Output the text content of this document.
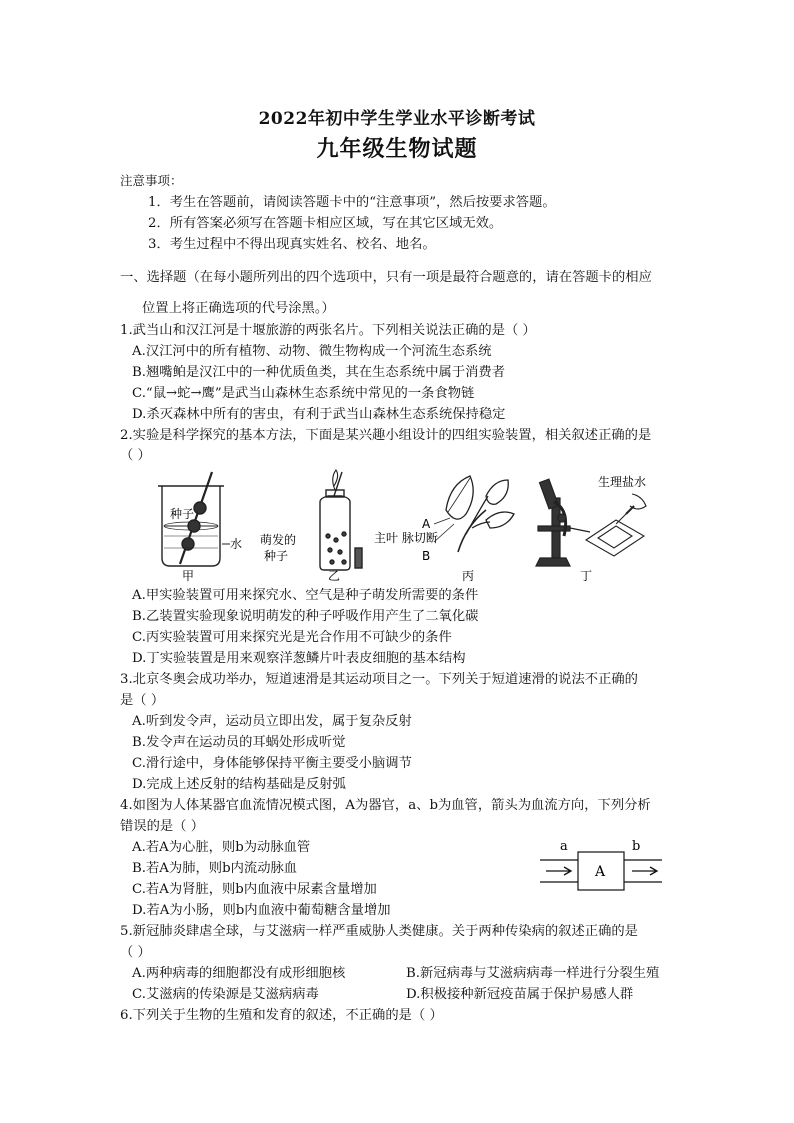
2022年初中学生学业水平诊断考试
九年级生物试题
注意事项：
1．考生在答题前，请阅读答题卡中的“注意事项”，然后按要求答题。
2．所有答案必须写在答题卡相应区域，写在其它区域无效。
3．考生过程中不得出现真实姓名、校名、地名。
一、选择题（在每小题所列出的四个选项中，只有一项是最符合题意的，请在答题卡的相应
位置上将正确选项的代号涂黑。）
1.武当山和汉江河是十堰旅游的两张名片。下列相关说法正确的是（ ）
A.汉江河中的所有植物、动物、微生物构成一个河流生态系统
B.翘嘴鲌是汉江中的一种优质鱼类，其在生态系统中属于消费者
C.“鼠→蛇→鹰”是武当山森林生态系统中常见的一条食物链
D.杀灭森林中所有的害虫，有利于武当山森林生态系统保持稳定
2.实验是科学探究的基本方法，下面是某兴趣小组设计的四组实验装置，相关叙述正确的是
（ ）
种子
水
甲
萌发的
种子
乙
A
主叶 脉切断
B
丙
生理盐水
丁
A.甲实验装置可用来探究水、空气是种子萌发所需要的条件
B.乙装置实验现象说明萌发的种子呼吸作用产生了二氧化碳
C.丙实验装置可用来探究光是光合作用不可缺少的条件
D.丁实验装置是用来观察洋葱鳞片叶表皮细胞的基本结构
3.北京冬奥会成功举办，短道速滑是其运动项目之一。下列关于短道速滑的说法不正确的
是（ ）
A.听到发令声，运动员立即出发，属于复杂反射
B.发令声在运动员的耳蜗处形成听觉
C.滑行途中，身体能够保持平衡主要受小脑调节
D.完成上述反射的结构基础是反射弧
4.如图为人体某器官血流情况模式图，A为器官，a、b为血管，箭头为血流方向，下列分析
错误的是（ ）
A.若A为心脏，则b为动脉血管
B.若A为肺，则b内流动脉血
C.若A为肾脏，则b内血液中尿素含量增加
D.若A为小肠，则b内血液中葡萄糖含量增加
a	b
A
5.新冠肺炎肆虐全球，与艾滋病一样严重威胁人类健康。关于两种传染病的叙述正确的是
（ ）
A.两种病毒的细胞都没有成形细胞核	B.新冠病毒与艾滋病病毒一样进行分裂生殖
C.艾滋病的传染源是艾滋病病毒	D.积极接种新冠疫苗属于保护易感人群
6.下列关于生物的生殖和发育的叙述，不正确的是（ ）
